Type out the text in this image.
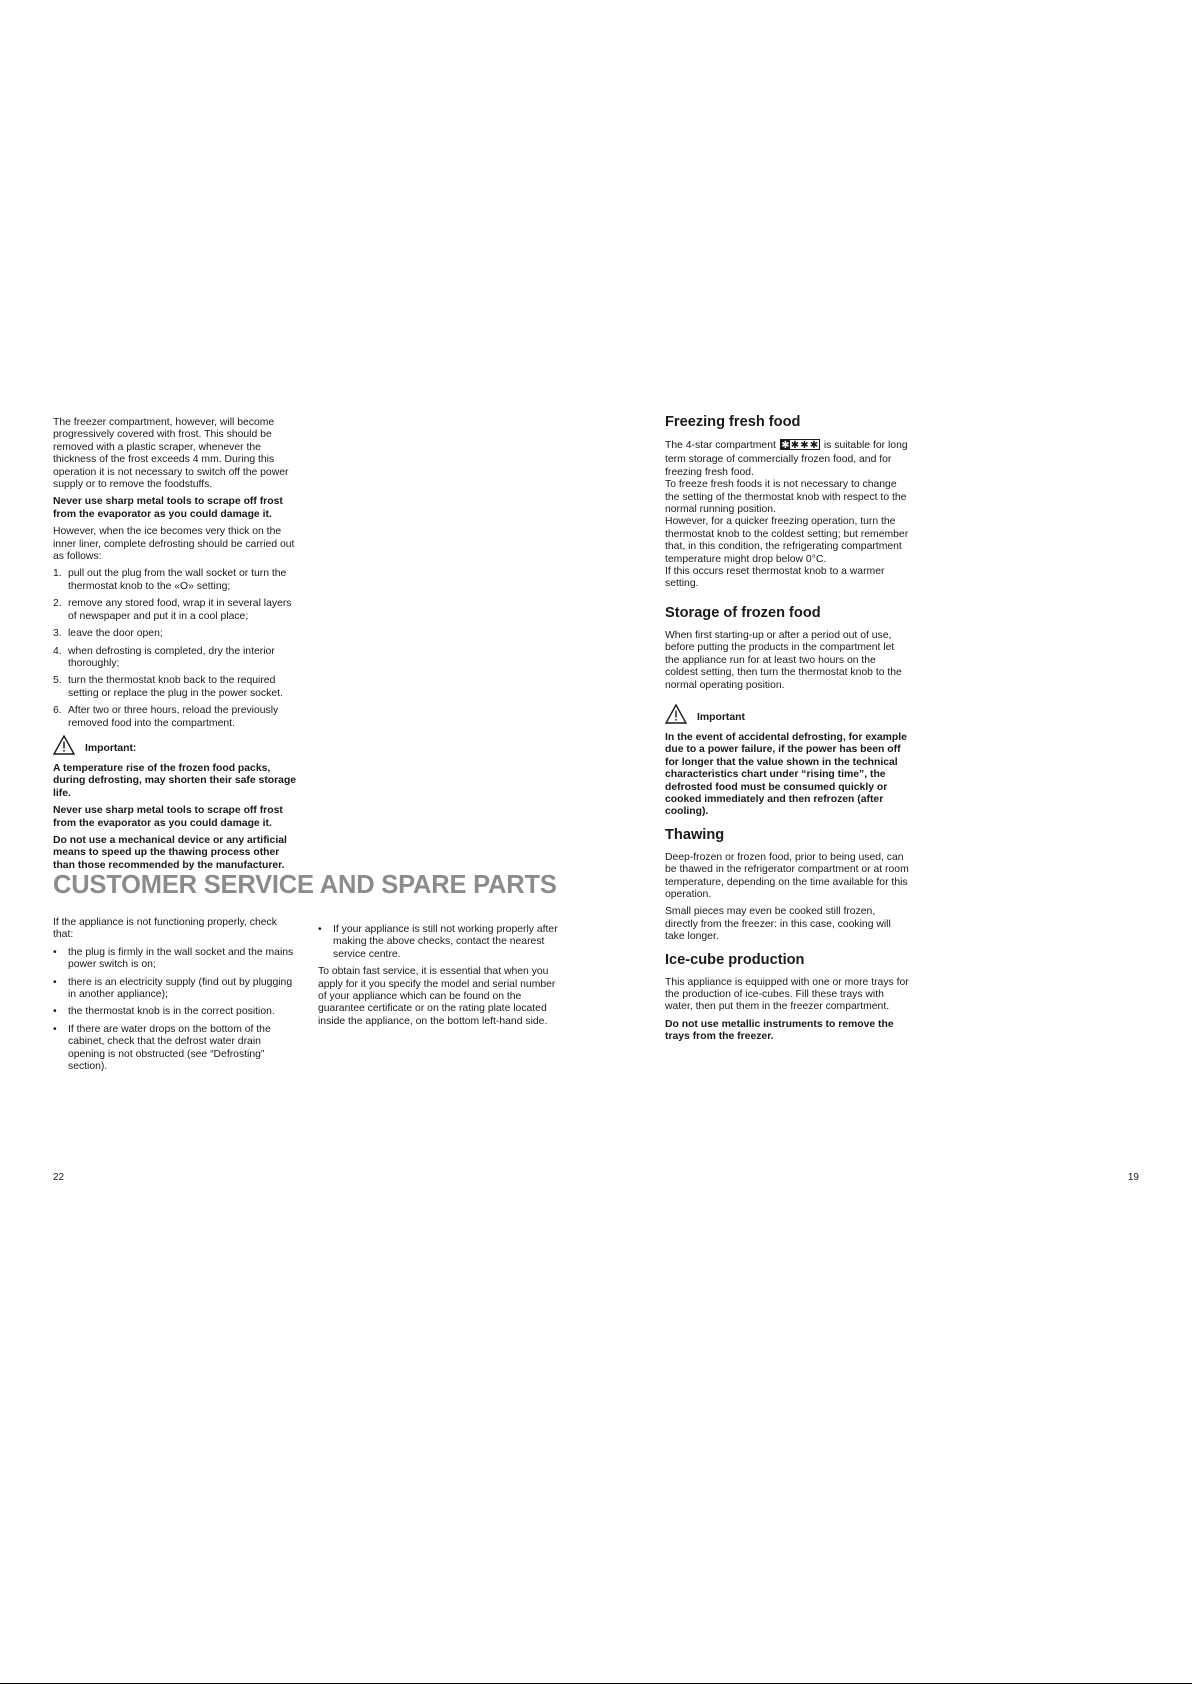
The freezer compartment, however, will become progressively covered with frost. This should be removed with a plastic scraper, whenever the thickness of the frost exceeds 4 mm. During this operation it is not necessary to switch off the power supply or to remove the foodstuffs.

Never use sharp metal tools to scrape off frost from the evaporator as you could damage it.

However, when the ice becomes very thick on the inner liner, complete defrosting should be carried out as follows:

1. pull out the plug from the wall socket or turn the thermostat knob to the «O» setting;
2. remove any stored food, wrap it in several layers of newspaper and put it in a cool place;
3. leave the door open;
4. when defrosting is completed, dry the interior thoroughly;
5. turn the thermostat knob back to the required setting or replace the plug in the power socket.
6. After two or three hours, reload the previously removed food into the compartment.
Important:

A temperature rise of the frozen food packs, during defrosting, may shorten their safe storage life.

Never use sharp metal tools to scrape off frost from the evaporator as you could damage it.

Do not use a mechanical device or any artificial means to speed up the thawing process other than those recommended by the manufacturer.

CUSTOMER SERVICE AND SPARE PARTS

If the appliance is not functioning properly, check that:

• the plug is firmly in the wall socket and the mains power switch is on;
• there is an electricity supply (find out by plugging in another appliance);
• the thermostat knob is in the correct position.
• If there are water drops on the bottom of the cabinet, check that the defrost water drain opening is not obstructed (see “Defrosting” section).
• If your appliance is still not working properly after making the above checks, contact the nearest service centre.

To obtain fast service, it is essential that when you apply for it you specify the model and serial number of your appliance which can be found on the guarantee certificate or on the rating plate located inside the appliance, on the bottom left-hand side.

Freezing fresh food

The 4-star compartment ✱ ✱ ✱ ✱ is suitable for long term storage of commercially frozen food, and for freezing fresh food.

To freeze fresh foods it is not necessary to change the setting of the thermostat knob with respect to the normal running position.

However, for a quicker freezing operation, turn the thermostat knob to the coldest setting; but remember that, in this condition, the refrigerating compartment temperature might drop below 0°C.

If this occurs reset thermostat knob to a warmer setting.

Storage of frozen food

When first starting-up or after a period out of use, before putting the products in the compartment let the appliance run for at least two hours on the coldest setting, then turn the thermostat knob to the normal operating position.

Important

In the event of accidental defrosting, for example due to a power failure, if the power has been off for longer that the value shown in the technical characteristics chart under “rising time”, the defrosted food must be consumed quickly or cooked immediately and then refrozen (after cooling).

Thawing

Deep-frozen or frozen food, prior to being used, can be thawed in the refrigerator compartment or at room temperature, depending on the time available for this operation.

Small pieces may even be cooked still frozen, directly from the freezer: in this case, cooking will take longer.

Ice-cube production

This appliance is equipped with one or more trays for the production of ice-cubes. Fill these trays with water, then put them in the freezer compartment.

Do not use metallic instruments to remove the trays from the freezer.

22	19
